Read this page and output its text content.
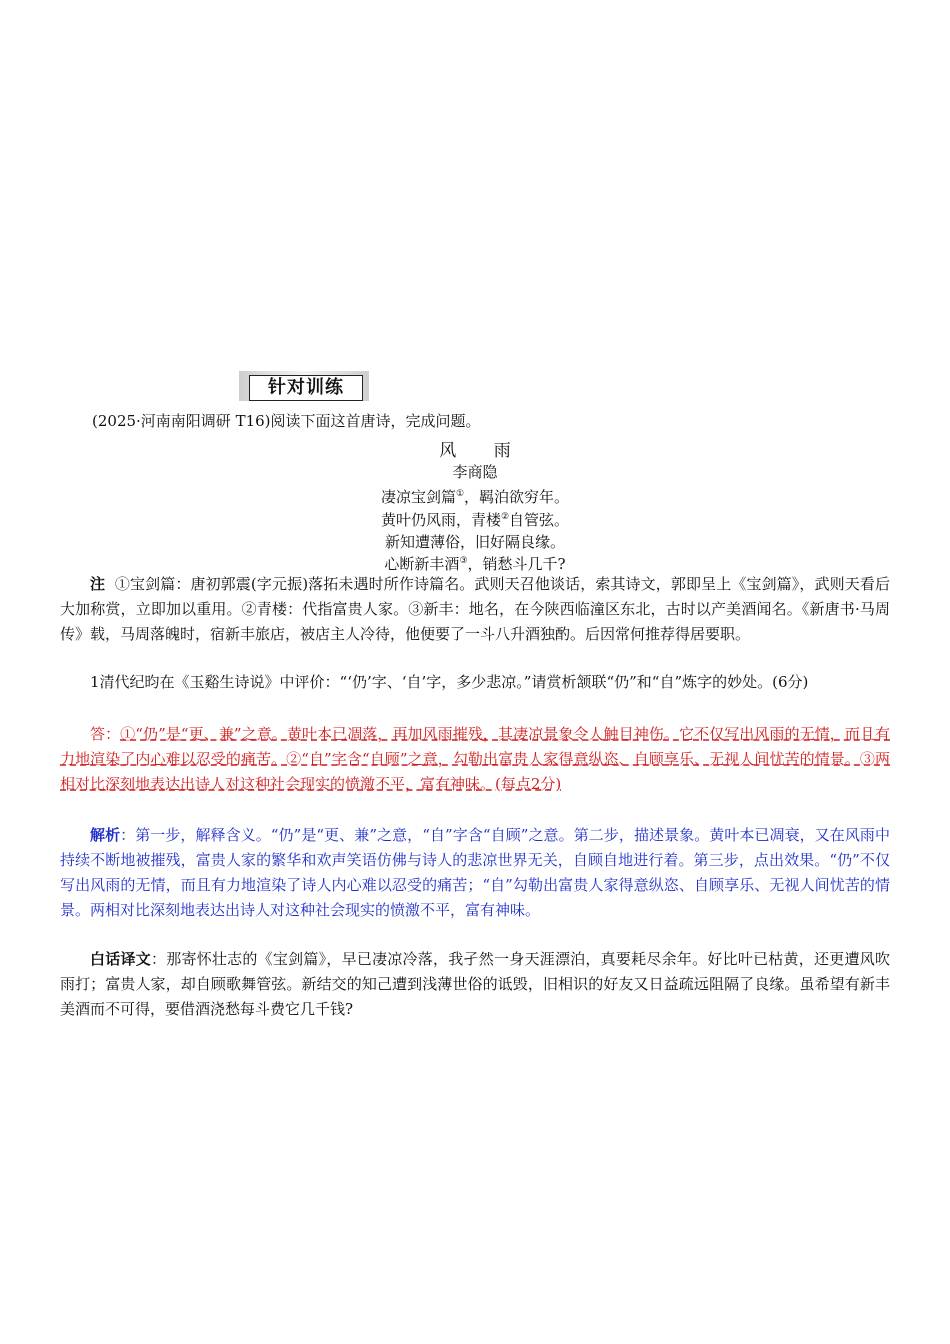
针对训练
(2025·河南南阳调研 T16)阅读下面这首唐诗，完成问题。
风 雨
李商隐
凄凉宝剑篇①，羁泊欲穷年。
黄叶仍风雨，青楼②自管弦。
新知遭薄俗，旧好隔良缘。
心断新丰酒③，销愁斗几千?
注 ①宝剑篇：唐初郭震(字元振)落拓未遇时所作诗篇名。武则天召他谈话，索其诗文，郭即呈上《宝剑篇》，武则天看后大加称赏，立即加以重用。②青楼：代指富贵人家。③新丰：地名，在今陕西临潼区东北，古时以产美酒闻名。《新唐书·马周传》载，马周落魄时，宿新丰旅店，被店主人冷待，他便要了一斗八升酒独酌。后因常何推荐得居要职。
1清代纪昀在《玉谿生诗说》中评价：“‘仍’字、‘自’字，多少悲凉。”请赏析颔联“仍”和“自”炼字的妙处。(6分)
答：①“仍”是“更、兼”之意。黄叶本已凋落，再加风雨摧残，其凄凉景象令人触目神伤。它不仅写出风雨的无情，而且有力地渲染了内心难以忍受的痛苦。②“自”字含“自顾”之意，勾勒出富贵人家得意纵恣、自顾享乐、无视人间忧苦的情景。③两相对比深刻地表达出诗人对这种社会现实的愤激不平，富有神味。(每点2分)
解析：第一步，解释含义。“仍”是“更、兼”之意，“自”字含“自顾”之意。第二步，描述景象。黄叶本已凋衰，又在风雨中持续不断地被摧残，富贵人家的繁华和欢声笑语仿佛与诗人的悲凉世界无关，自顾自地进行着。第三步，点出效果。“仍”不仅写出风雨的无情，而且有力地渲染了诗人内心难以忍受的痛苦；“自”勾勒出富贵人家得意纵恣、自顾享乐、无视人间忧苦的情景。两相对比深刻地表达出诗人对这种社会现实的愤激不平，富有神味。
白话译文：那寄怀壮志的《宝剑篇》，早已凄凉冷落，我孑然一身天涯漂泊，真要耗尽余年。好比叶已枯黄，还更遭风吹雨打；富贵人家，却自顾歌舞管弦。新结交的知己遭到浅薄世俗的诋毁，旧相识的好友又日益疏远阻隔了良缘。虽希望有新丰美酒而不可得，要借酒浇愁每斗费它几千钱?
